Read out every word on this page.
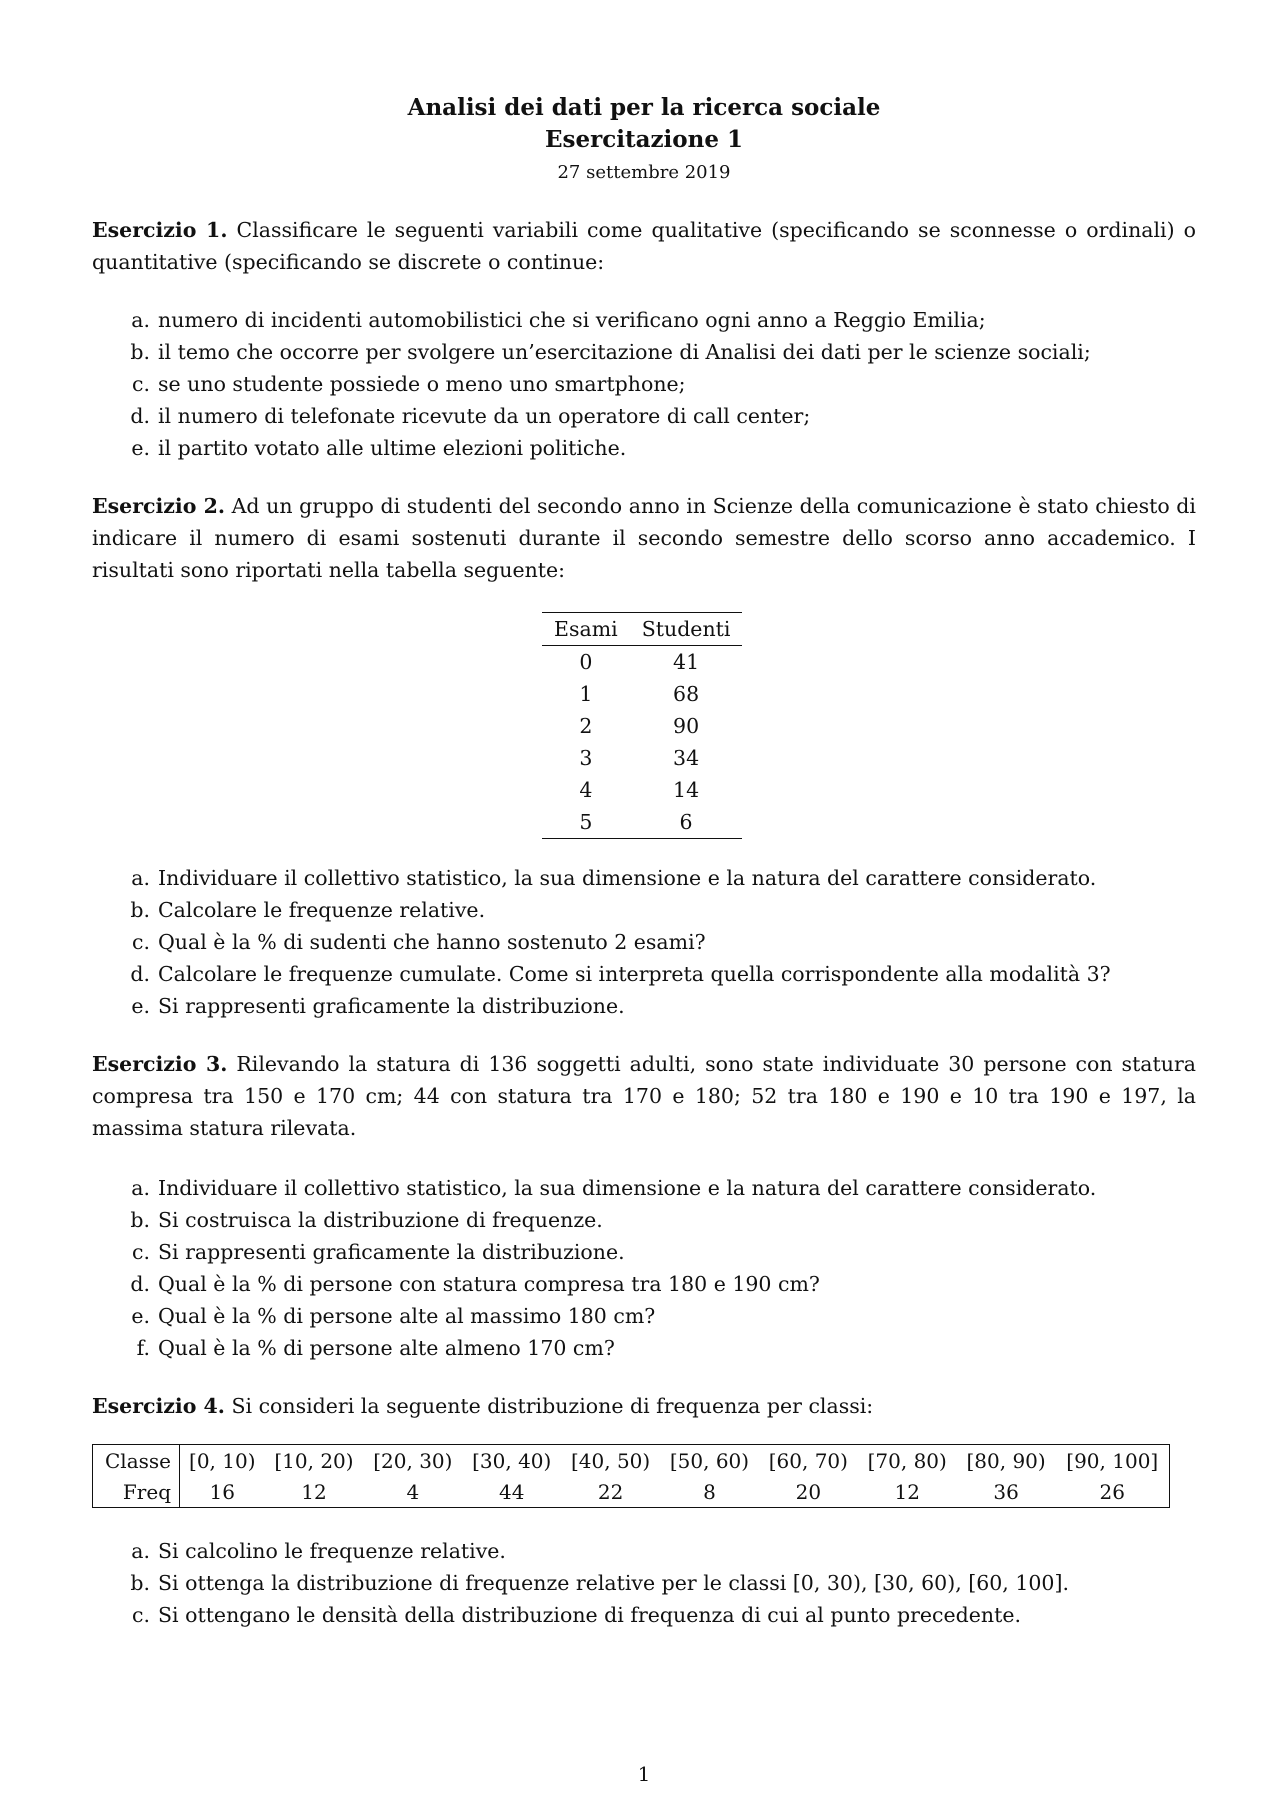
Analisi dei dati per la ricerca sociale
Esercitazione 1
27 settembre 2019
Esercizio 1. Classificare le seguenti variabili come qualitative (specificando se sconnesse o ordinali) o quantitative (specificando se discrete o continue:
a. numero di incidenti automobilistici che si verificano ogni anno a Reggio Emilia;
b. il temo che occorre per svolgere un’esercitazione di Analisi dei dati per le scienze sociali;
c. se uno studente possiede o meno uno smartphone;
d. il numero di telefonate ricevute da un operatore di call center;
e. il partito votato alle ultime elezioni politiche.
Esercizio 2. Ad un gruppo di studenti del secondo anno in Scienze della comunicazione è stato chiesto di indicare il numero di esami sostenuti durante il secondo semestre dello scorso anno accademico. I risultati sono riportati nella tabella seguente:
Esami	Studenti
0	41
1	68
2	90
3	34
4	14
5	6
a. Individuare il collettivo statistico, la sua dimensione e la natura del carattere considerato.
b. Calcolare le frequenze relative.
c. Qual è la % di sudenti che hanno sostenuto 2 esami?
d. Calcolare le frequenze cumulate. Come si interpreta quella corrispondente alla modalità 3?
e. Si rappresenti graficamente la distribuzione.
Esercizio 3. Rilevando la statura di 136 soggetti adulti, sono state individuate 30 persone con statura compresa tra 150 e 170 cm; 44 con statura tra 170 e 180; 52 tra 180 e 190 e 10 tra 190 e 197, la massima statura rilevata.
a. Individuare il collettivo statistico, la sua dimensione e la natura del carattere considerato.
b. Si costruisca la distribuzione di frequenze.
c. Si rappresenti graficamente la distribuzione.
d. Qual è la % di persone con statura compresa tra 180 e 190 cm?
e. Qual è la % di persone alte al massimo 180 cm?
f. Qual è la % di persone alte almeno 170 cm?
Esercizio 4. Si consideri la seguente distribuzione di frequenza per classi:
Classe	[0, 10)	[10, 20)	[20, 30)	[30, 40)	[40, 50)	[50, 60)	[60, 70)	[70, 80)	[80, 90)	[90, 100]
Freq	16	12	4	44	22	8	20	12	36	26
a. Si calcolino le frequenze relative.
b. Si ottenga la distribuzione di frequenze relative per le classi [0, 30), [30, 60), [60, 100].
c. Si ottengano le densità della distribuzione di frequenza di cui al punto precedente.
1
